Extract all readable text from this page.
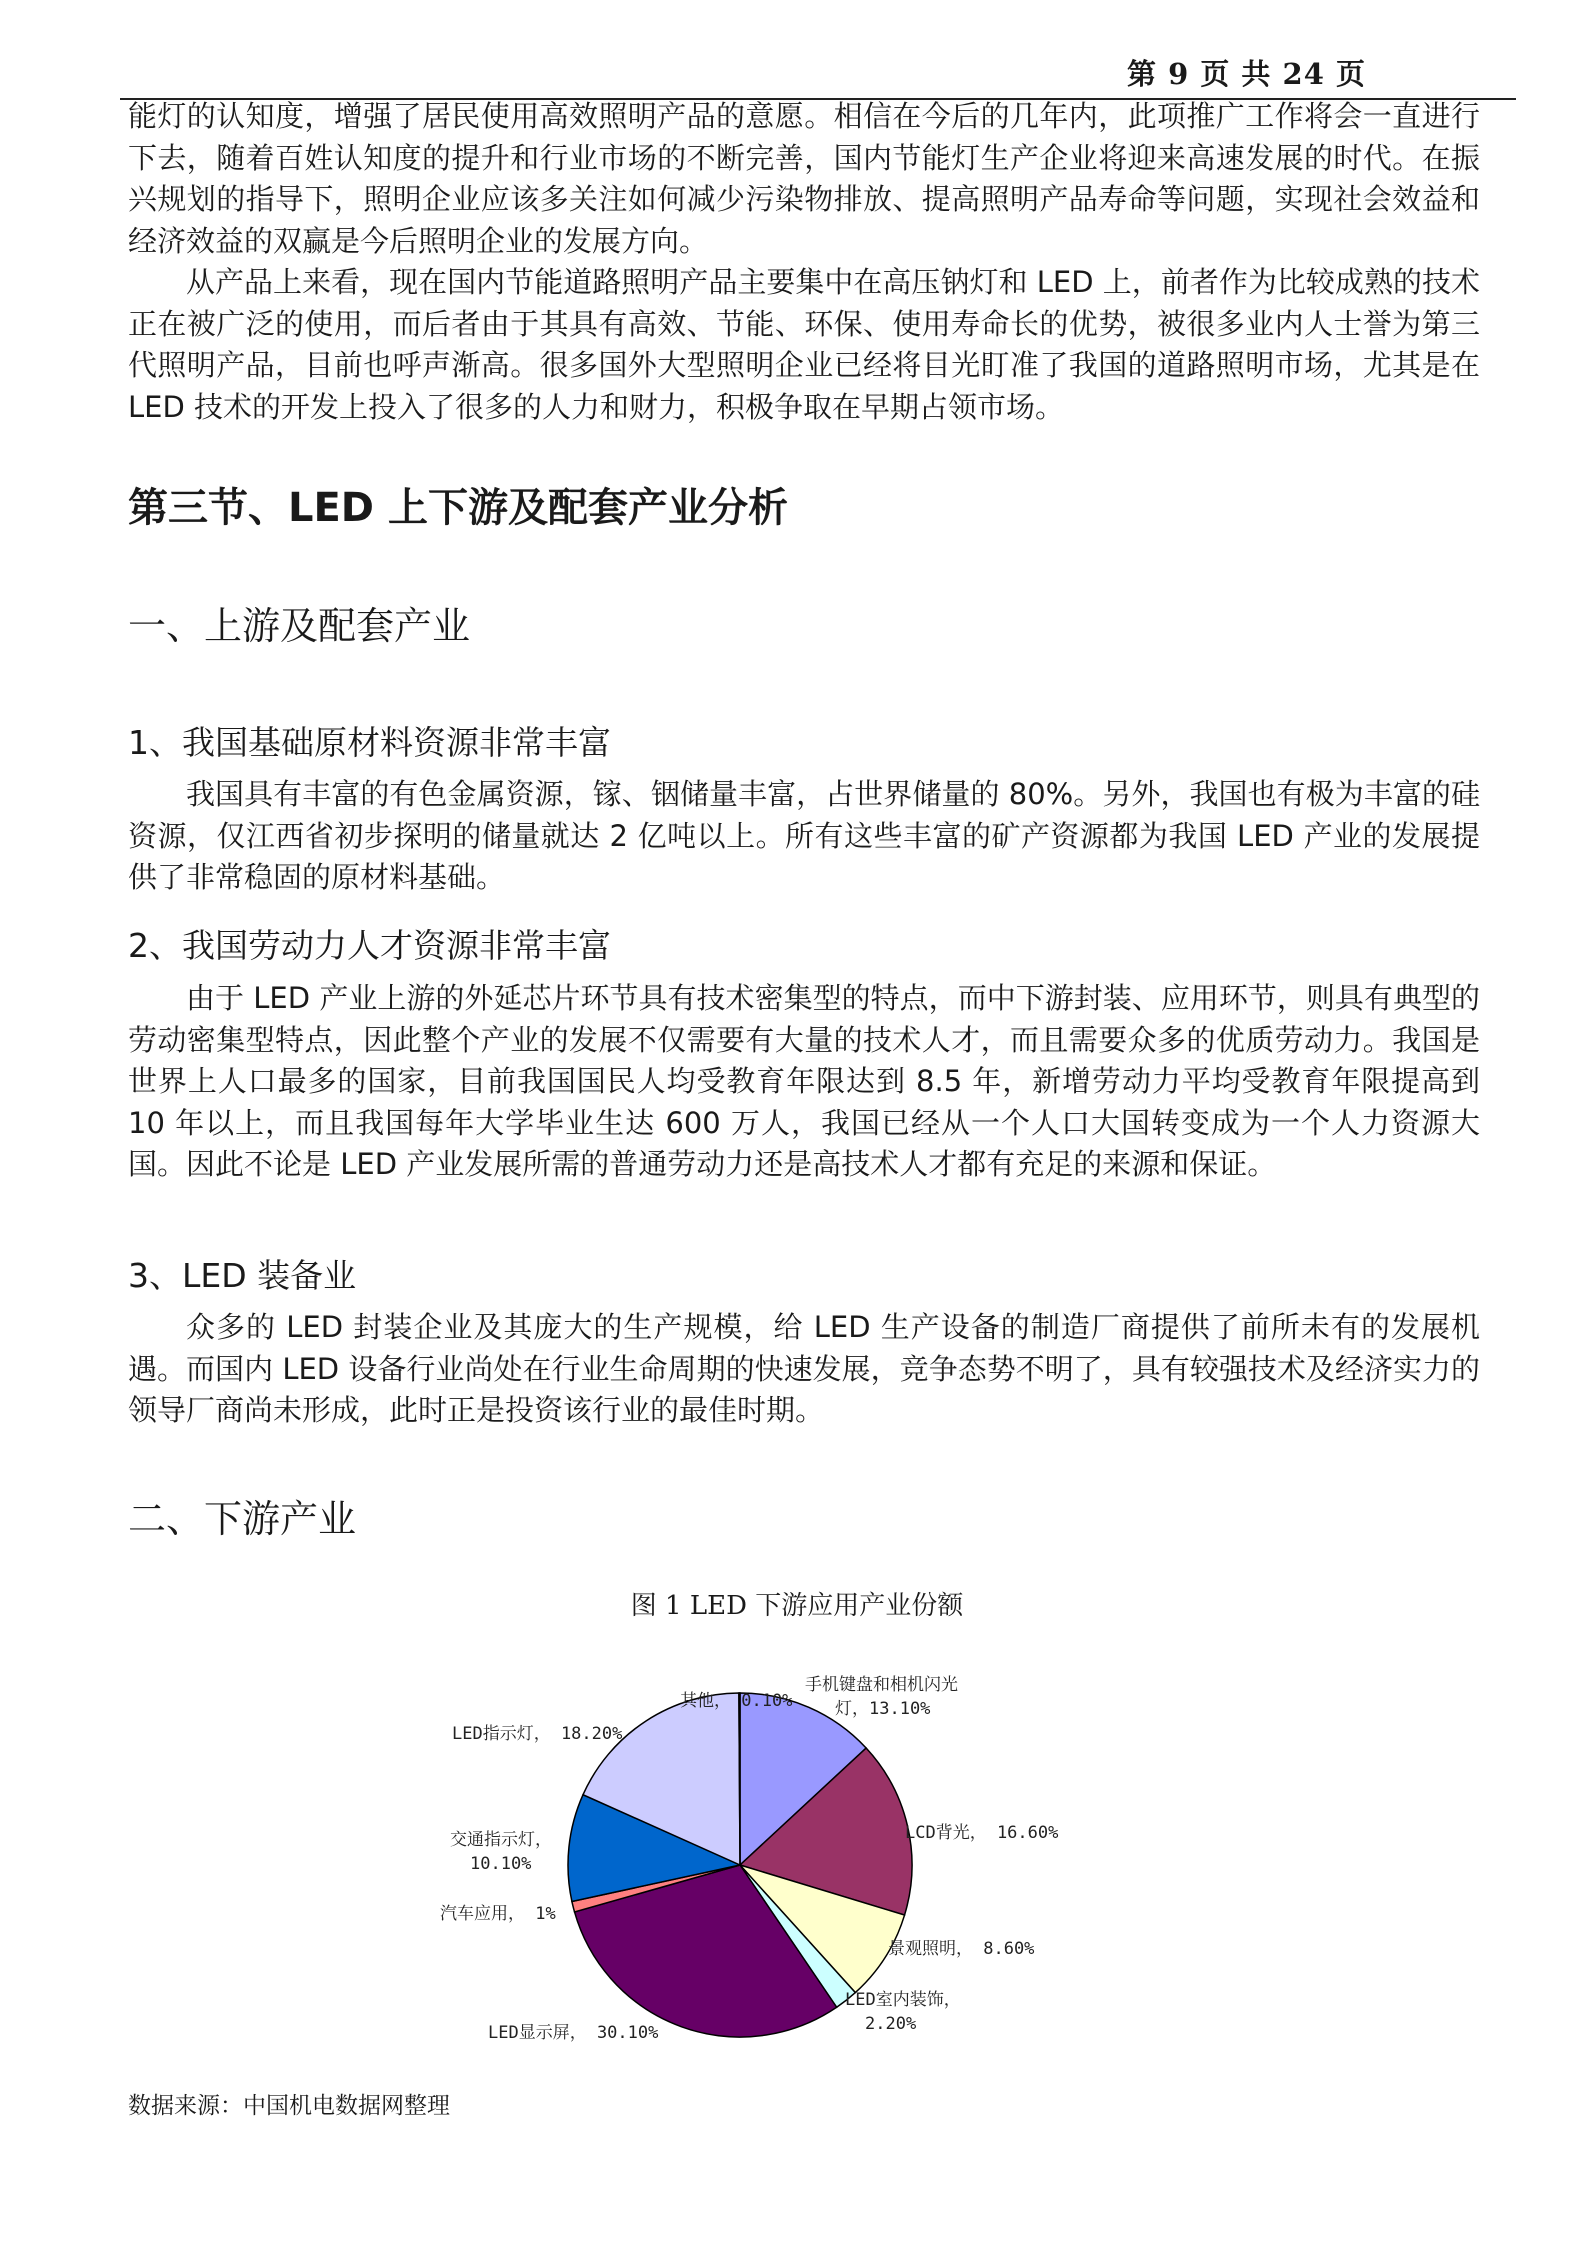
第 9 页 共 24 页

能灯的认知度，增强了居民使用高效照明产品的意愿。相信在今后的几年内，此项推广工作将会一直进行下去，随着百姓认知度的提升和行业市场的不断完善，国内节能灯生产企业将迎来高速发展的时代。在振兴规划的指导下，照明企业应该多关注如何减少污染物排放、提高照明产品寿命等问题，实现社会效益和经济效益的双赢是今后照明企业的发展方向。

从产品上来看，现在国内节能道路照明产品主要集中在高压钠灯和 LED 上，前者作为比较成熟的技术正在被广泛的使用，而后者由于其具有高效、节能、环保、使用寿命长的优势，被很多业内人士誉为第三代照明产品，目前也呼声渐高。很多国外大型照明企业已经将目光盯准了我国的道路照明市场，尤其是在 LED 技术的开发上投入了很多的人力和财力，积极争取在早期占领市场。

第三节、LED 上下游及配套产业分析
一、上游及配套产业
1、我国基础原材料资源非常丰富

我国具有丰富的有色金属资源，镓、铟储量丰富，占世界储量的 80%。另外，我国也有极为丰富的硅资源，仅江西省初步探明的储量就达 2 亿吨以上。所有这些丰富的矿产资源都为我国 LED 产业的发展提供了非常稳固的原材料基础。

2、我国劳动力人才资源非常丰富

由于 LED 产业上游的外延芯片环节具有技术密集型的特点，而中下游封装、应用环节，则具有典型的劳动密集型特点，因此整个产业的发展不仅需要有大量的技术人才，而且需要众多的优质劳动力。我国是世界上人口最多的国家，目前我国国民人均受教育年限达到 8.5 年，新增劳动力平均受教育年限提高到 10 年以上，而且我国每年大学毕业生达 600 万人，我国已经从一个人口大国转变成为一个人力资源大国。因此不论是 LED 产业发展所需的普通劳动力还是高技术人才都有充足的来源和保证。

3、LED 装备业

众多的 LED 封装企业及其庞大的生产规模，给 LED 生产设备的制造厂商提供了前所未有的发展机遇。而国内 LED 设备行业尚处在行业生命周期的快速发展，竞争态势不明了，具有较强技术及经济实力的领导厂商尚未形成，此时正是投资该行业的最佳时期。

二、下游产业
图 1 LED 下游应用产业份额
手机键盘和相机闪光灯，13.10%
LCD背光， 16.60%
景观照明， 8.60%
LED室内装饰， 2.20%
LED显示屏， 30.10%
汽车应用， 1%
交通指示灯， 10.10%
LED指示灯， 18.20%
其他， 0.10%
数据来源：中国机电数据网整理
